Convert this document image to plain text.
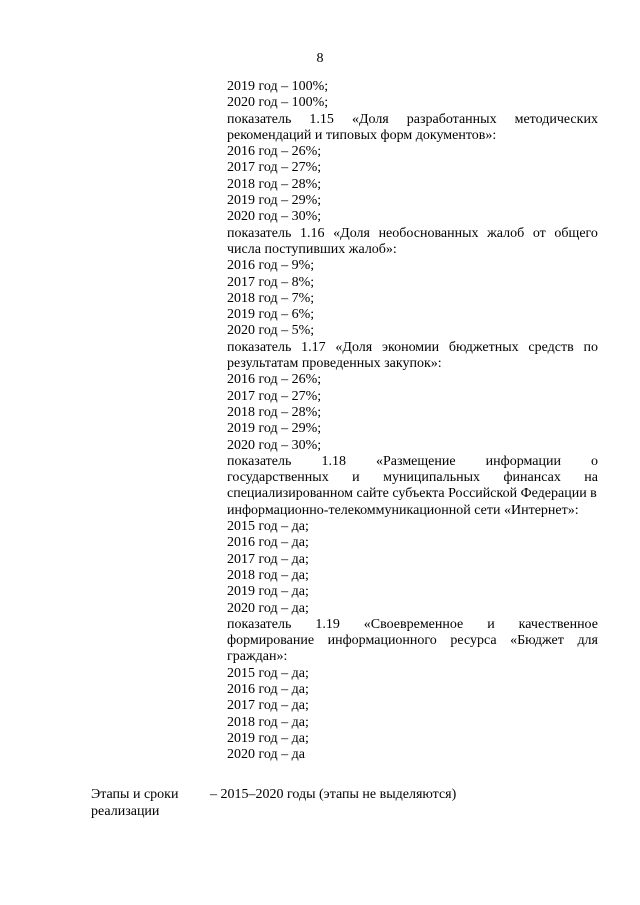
8
2019 год – 100%;
2020 год – 100%;
показатель 1.15 «Доля разработанных методических
рекомендаций и типовых форм документов»:
2016 год – 26%;
2017 год – 27%;
2018 год – 28%;
2019 год – 29%;
2020 год – 30%;
показатель 1.16 «Доля необоснованных жалоб от общего
числа поступивших жалоб»:
2016 год – 9%;
2017 год – 8%;
2018 год – 7%;
2019 год – 6%;
2020 год – 5%;
показатель 1.17 «Доля экономии бюджетных средств по
результатам проведенных закупок»:
2016 год – 26%;
2017 год – 27%;
2018 год – 28%;
2019 год – 29%;
2020 год – 30%;
показатель 1.18 «Размещение информации о
государственных и муниципальных финансах на
специализированном сайте субъекта Российской Федерации в
информационно-телекоммуникационной сети «Интернет»:
2015 год – да;
2016 год – да;
2017 год – да;
2018 год – да;
2019 год – да;
2020 год – да;
показатель 1.19 «Своевременное и качественное
формирование информационного ресурса «Бюджет для
граждан»:
2015 год – да;
2016 год – да;
2017 год – да;
2018 год – да;
2019 год – да;
2020 год – да
Этапы и сроки
реализации
– 2015–2020 годы (этапы не выделяются)
